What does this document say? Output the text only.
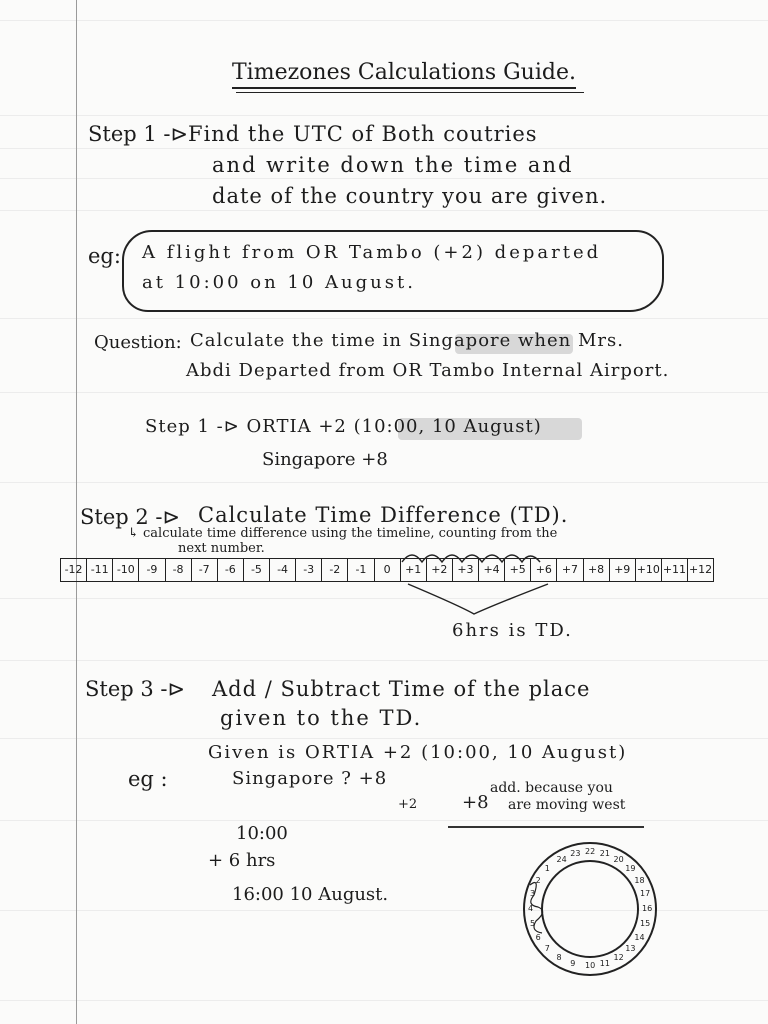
Timezones Calculations Guide.
Step 1 -⊳ Find the UTC of Both coutries
and write down the time and
date of the country you are given.
eg: A flight from OR Tambo (+2) departed
at 10:00 on 10 August.
Question: Calculate the time in Singapore when Mrs.
Abdi Departed from OR Tambo Internal Airport.
Step 1 -⊳ ORTIA +2 (10:00, 10 August)
Singapore +8
Step 2 -⊳ Calculate Time Difference (TD).
↳ calculate time difference using the timeline, counting from the
next number.
-12 -11 -10	-9	-8	-7	-6	-5	-4	-3	-2	-1	0	+1 +2 +3 +4 +5 +6 +7 +8 +9 +10 +11 +12
6hrs is TD.
Step 3 -⊳ Add / Subtract Time of the place
given to the TD.
eg :
Given is ORTIA +2 (10:00, 10 August)
Singapore ? +8	add. because you
+2 +8 are moving west
10:00
+ 6 hrs
16:00 10 August.
24
23 22 21
20
19
18
17
16
15
14
13
12
11
10
9
8
7
6
5
4
3
2
1
